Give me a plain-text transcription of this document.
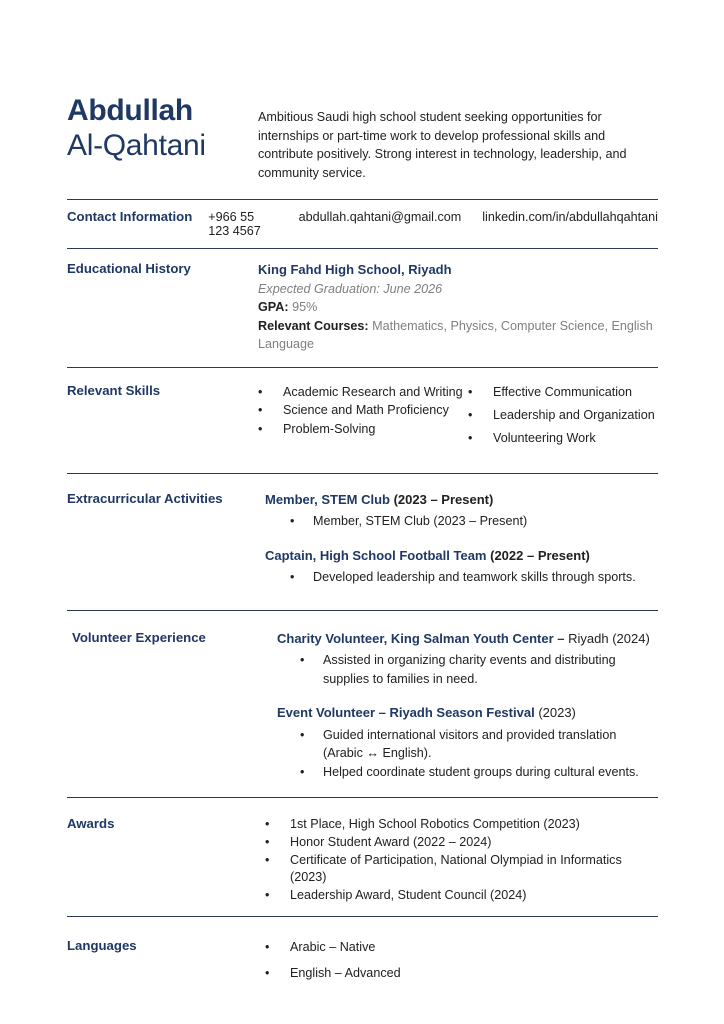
Abdullah
Al-Qahtani

Ambitious Saudi high school student seeking opportunities for internships or part-time work to develop professional skills and contribute positively. Strong interest in technology, leadership, and community service.

Contact Information +966 55 123 4567
abdullah.qahtani@gmail.com linkedin.com/in/abdullahqahtani
Educational History	King Fahd High School, Riyadh
Expected Graduation: June 2026
GPA: 95%
Relevant Courses: Mathematics, Physics, Computer Science, English Language
Relevant Skills	•	Academic Research and Writing
•	Science and Math Proficiency
•	Problem-Solving
•	Effective Communication
•	Leadership and Organization
•	Volunteering Work
Extracurricular Activities	Member, STEM Club (2023 – Present)
•	Member, STEM Club (2023 – Present)
Captain, High School Football Team (2022 – Present)
•	Developed leadership and teamwork skills through sports.
Volunteer Experience	Charity Volunteer, King Salman Youth Center – Riyadh (2024)
•	Assisted in organizing charity events and distributing supplies to families in need.
Event Volunteer – Riyadh Season Festival (2023)
•	Guided international visitors and provided translation (Arabic ↔ English).
•	Helped coordinate student groups during cultural events.
Awards	•	1st Place, High School Robotics Competition (2023)
•	Honor Student Award (2022 – 2024)
•	Certificate of Participation, National Olympiad in Informatics (2023)
•	Leadership Award, Student Council (2024)
Languages	•	Arabic – Native
•	English – Advanced
